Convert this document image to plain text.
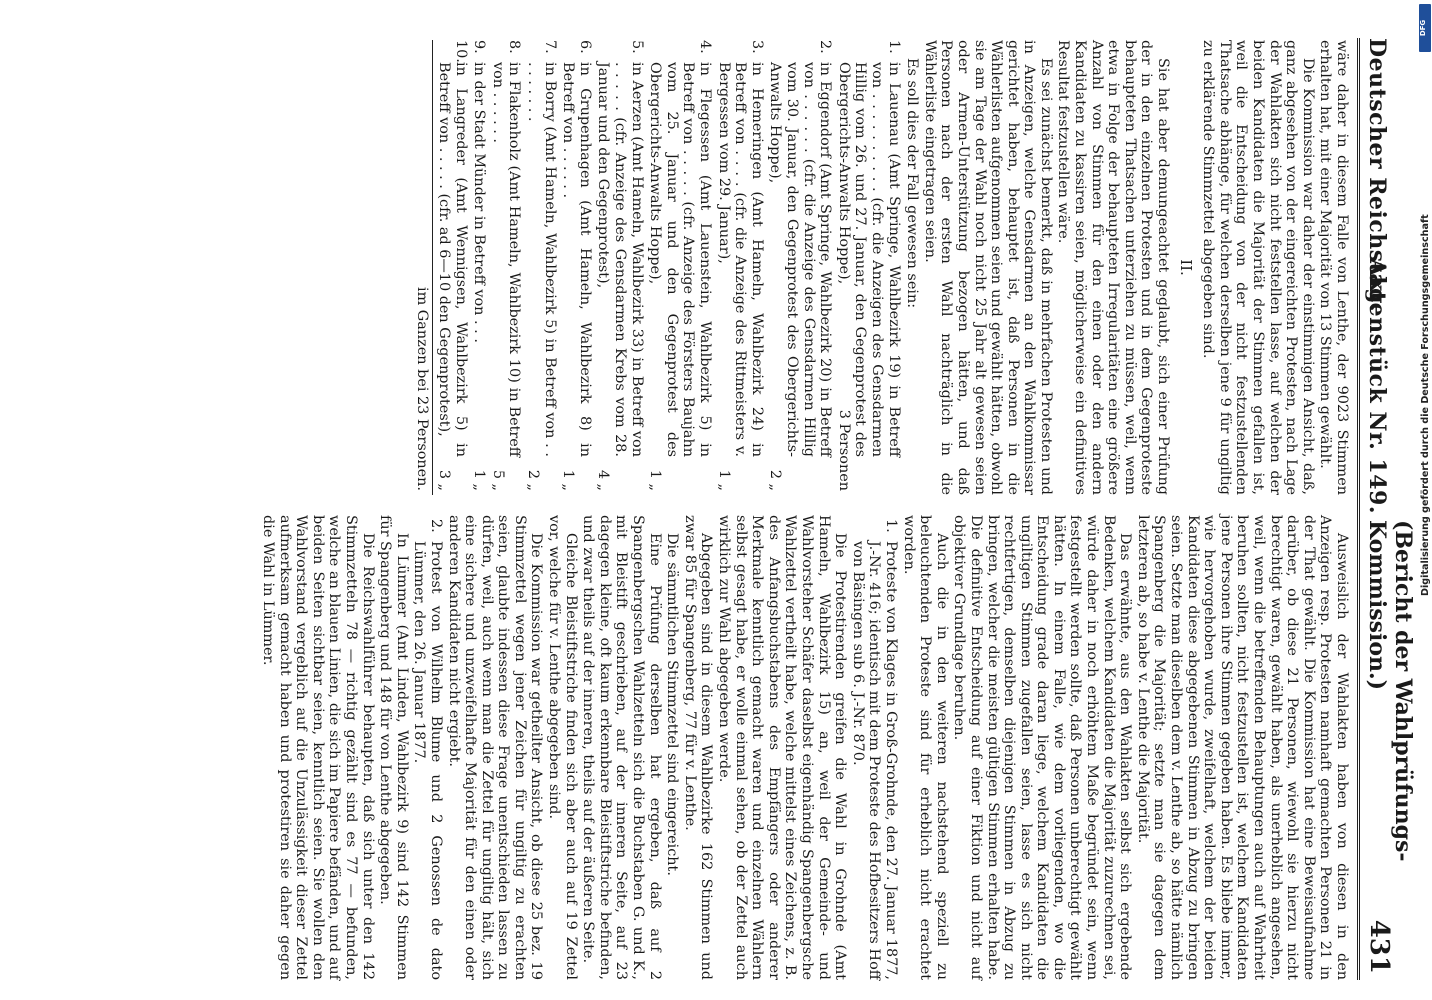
DFG
Digitalisierung gefördert durch die Deutsche Forschungsgemeinschaft
Deutscher Reichstag.
Aktenstück Nr. 149.
(Bericht der Wahlprüfungs-Kommission.)
431

wäre daher in diesem Falle von Lenthe, der 9023 Stimmen erhalten hat, mit einer Majorität von 13 Stimmen gewählt.

Die Kommission war daher der einstimmigen Ansicht, daß, ganz abgesehen von der eingereichten Protesten, nach Lage der Wahlakten sich nicht feststellen lasse, auf welchen der beiden Kandidaten die Majorität der Stimmen gefallen ist, weil die Entscheidung von der nicht festzustellenden Thatsache abhänge, für welchen derselben jene 9 für ungiltig zu erklärende Stimmzettel abgegeben sind.

II.

Sie hat aber demungeachtet geglaubt, sich einer Prüfung der in den einzelnen Protesten und in dem Gegenproteste behaupteten Thatsachen unterziehen zu müssen, weil, wenn etwa in Folge der behaupteten Irregularitäten eine größere Anzahl von Stimmen für den einen oder den andern Kandidaten zu kassiren seien, möglicherweise ein definitives Resultat festzustellen wäre.

Es sei zunächst bemerkt, daß in mehrfachen Protesten und in Anzeigen, welche Gensdarmen an den Wahlkommissar gerichtet haben, behauptet ist, daß Personen in die Wählerlisten aufgenommen seien und gewählt hätten, obwohl sie am Tage der Wahl noch nicht 25 Jahr alt gewesen seien oder Armen-Unterstützung bezogen hätten, und daß Personen nach der ersten Wahl nachträglich in die Wählerliste eingetragen seien.

Es soll dies der Fall gewesen sein:

1.
in Lauenau (Amt Springe, Wahlbezirk 19) in Betreff von . . . . . . . . . . (cfr. die Anzeigen des Gensdarmen Hillig vom 26. und 27. Januar, den Gegenprotest des Obergerichts-Anwalts Hoppe),
3 Personen
2.
in Eggendorf (Amt Springe, Wahlbezirk 20) in Betreff von . . . . . . (cfr. die Anzeige des Gensdarmen Hillig vom 30. Januar, den Gegenprotest des Obergerichts-Anwalts Hoppe),
2 „
3.
in Hemeringen (Amt Hameln, Wahlbezirk 24) in Betreff von . . . . (cfr. die Anzeige des Rittmeisters v. Bergessen vom 29. Januar),
1 „
4.
in Flegessen (Amt Lauenstein, Wahlbezirk 5) in Betreff von . . . . . (cfr. Anzeige des Försters Baujahn vom 25. Januar und den Gegenprotest des Obergerichts-Anwalts Hoppe),
1 „
5.
in Aerzen (Amt Hameln, Wahlbezirk 33) in Betreff von . . . . . (cfr. Anzeige des Gensdarmen Krebs vom 28. Januar und den Gegenprotest),
4 „
6.
in Grupenhagen (Amt Hameln, Wahlbezirk 8) in Betreff von . . . . . .
1 „
7.
in Borry (Amt Hameln, Wahlbezirk 5) in Betreff von . . . . . . . . .
2 „
8.
in Flakenholz (Amt Hameln, Wahlbezirk 10) in Betreff von . . . . . .
5 „
9.
in der Stadt Münder in Betreff von . . .
1 „
10.
in Langreder (Amt Wennigsen, Wahlbezirk 5) in Betreff von . . . . . (cfr. ad 6—10 den Gegenprotest),
3 „
im Ganzen bei 23 Personen.

Ausweislich der Wahlakten haben von diesen in den Anzeigen resp. Protesten namhaft gemachten Personen 21 in der That gewählt. Die Kommission hat eine Beweisaufnahme darüber, ob diese 21 Personen, wiewohl sie hierzu nicht berechtigt waren, gewählt haben, als unerheblich angesehen, weil, wenn die betreffenden Behauptungen auch auf Wahrheit beruhen sollten, nicht festzustellen ist, welchem Kandidaten jene Personen ihre Stimmen gegeben haben. Es bliebe immer, wie hervorgehoben wurde, zweifelhaft, welchem der beiden Kandidaten diese abgegebenen Stimmen in Abzug zu bringen seien. Setzte man dieselben dem v. Lenthe ab, so hätte nämlich Spangenberg die Majorität; setzte man sie dagegen dem letzteren ab, so habe v. Lenthe die Majorität.

Das erwähnte, aus den Wahlakten selbst sich ergebende Bedenken, welchem Kandidaten die Majorität zuzurechnen sei, würde daher in noch erhöhtem Maße begründet sein, wenn festgestellt werden sollte, daß Personen unberechtigt gewählt hätten. In einem Falle, wie dem vorliegenden, wo die Entscheidung grade daran liege, welchem Kandidaten die ungiltigen Stimmen zugefallen seien, lasse es sich nicht rechtfertigen, demselben diejenigen Stimmen in Abzug zu bringen, welcher die meisten gültigen Stimmen erhalten habe. Die definitive Entscheidung auf einer Fiktion und nicht auf objektiver Grundlage beruhen.

Auch die in den weiteren nachstehend speziell zu beleuchtenden Proteste sind für erheblich nicht erachtet worden.

1.
Proteste von Klages in Groß-Grohnde, den 27. Januar 1877, J.-Nr. 416; identisch mit dem Proteste des Hofbesitzers Hoff von Bäsingen sub 6. J.-Nr. 870.

Die Protestirenden greifen die Wahl in Grohnde (Amt Hameln, Wahlbezirk 15) an, weil der Gemeinde- und Wahlvorsteher Schäfer daselbst eigenhändig Spangenbergsche Wahlzettel vertheilt habe, welche mittelst eines Zeichens, z. B. des Anfangsbuchstabens des Empfängers oder anderer Merkmale kenntlich gemacht waren und einzelnen Wählern selbst gesagt habe, er wolle einmal sehen, ob der Zettel auch wirklich zur Wahl abgegeben werde.

Abgegeben sind in diesem Wahlbezirke 162 Stimmen und zwar 85 für Spangenberg, 77 für v. Lenthe.

Die sämmtlichen Stimmzettel sind eingereicht.

Eine Prüfung derselben hat ergeben, daß auf 2 Spangenbergschen Wahlzetteln sich die Buchstaben G. und K., mit Bleistift geschrieben, auf der inneren Seite, auf 23 dagegen kleine, oft kaum erkennbare Bleistiftstriche befinden, und zwar theils auf der inneren, theils auf der äußeren Seite.

Gleiche Bleistiftstriche finden sich aber auch auf 19 Zettel vor, welche für v. Lenthe abgegeben sind.

Die Kommission war getheilter Ansicht, ob diese 25 bez. 19 Stimmzettel wegen jener Zeichen für ungiltig zu erachten seien, glaubte indessen diese Frage unentschieden lassen zu dürfen, weil, auch wenn man die Zettel für ungiltig hält, sich eine sichere und unzweifelhafte Majorität für den einen oder anderen Kandidaten nicht ergiebt.

2.
Protest von Wilhelm Blume und 2 Genossen de dato Lümmer, den 26. Januar 1877.

In Lümmer (Amt Linden, Wahlbezirk 9) sind 142 Stimmen für Spangenberg und 148 für von Lenthe abgegeben.

Die Reichswahlführer behaupten, daß sich unter den 142 Stimmzetteln 78 — richtig gezählt sind es 77 — befunden, welche an blauen Linien, die sich im Papiere befänden, und auf beiden Seiten sichtbar seien, kenntlich seien. Sie wollen den Wahlvorstand vergeblich auf die Unzulässigkeit dieser Zettel aufmerksam gemacht haben und protestiren sie daher gegen die Wahl in Lümmer.
